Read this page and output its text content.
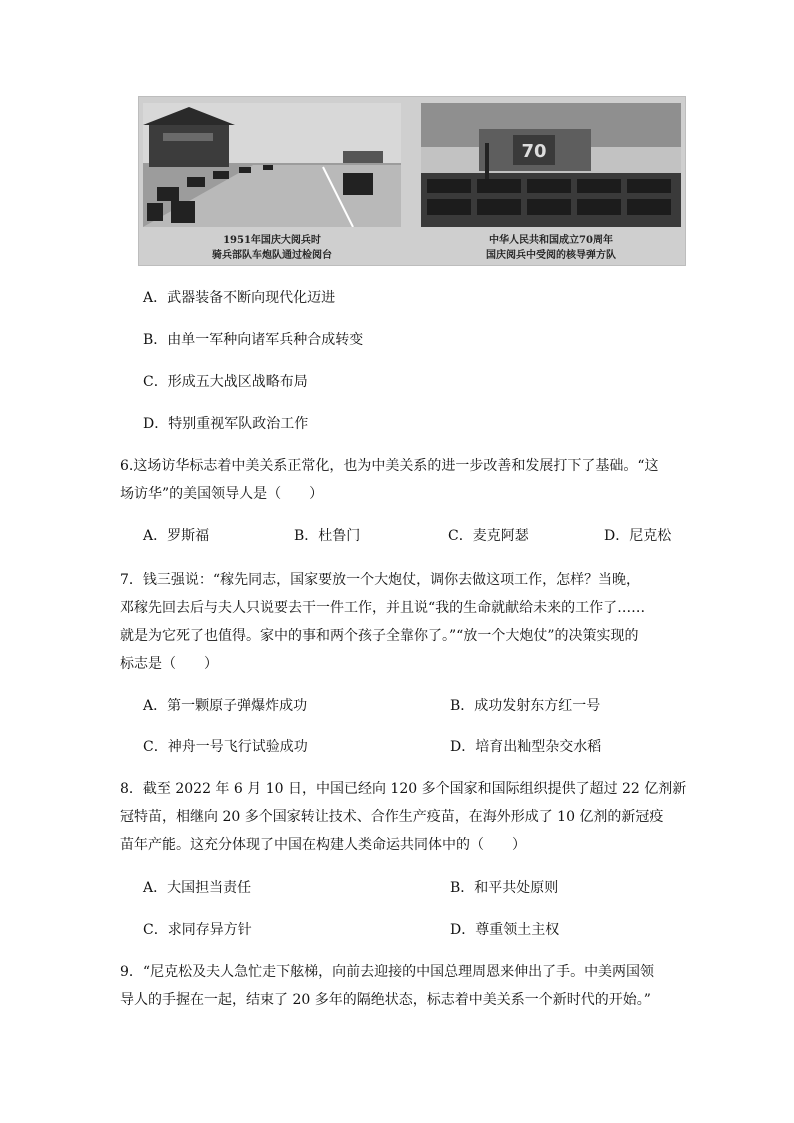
70
1951年国庆大阅兵时
骑兵部队车炮队通过检阅台
中华人民共和国成立70周年
国庆阅兵中受阅的核导弹方队
A．武器装备不断向现代化迈进
B．由单一军种向诸军兵种合成转变
C．形成五大战区战略布局
D．特别重视军队政治工作
6.这场访华标志着中美关系正常化，也为中美关系的进一步改善和发展打下了基础。“这
场访华”的美国领导人是（　　）
A．罗斯福	B．杜鲁门	C．麦克阿瑟	D．尼克松
7．钱三强说：“稼先同志，国家要放一个大炮仗，调你去做这项工作，怎样？当晚，
邓稼先回去后与夫人只说要去干一件工作，并且说“我的生命就献给未来的工作了……
就是为它死了也值得。家中的事和两个孩子全靠你了。”“放一个大炮仗”的决策实现的
标志是（　　）
A．第一颗原子弹爆炸成功	B．成功发射东方红一号
C．神舟一号飞行试验成功	D．培育出籼型杂交水稻
8．截至 2022 年 6 月 10 日，中国已经向 120 多个国家和国际组织提供了超过 22 亿剂新
冠特苗，相继向 20 多个国家转让技术、合作生产疫苗，在海外形成了 10 亿剂的新冠疫
苗年产能。这充分体现了中国在构建人类命运共同体中的（　　）
A．大国担当责任	B．和平共处原则
C．求同存异方针	D．尊重领土主权
9．“尼克松及夫人急忙走下舷梯，向前去迎接的中国总理周恩来伸出了手。中美两国领
导人的手握在一起，结束了 20 多年的隔绝状态，标志着中美关系一个新时代的开始。”
